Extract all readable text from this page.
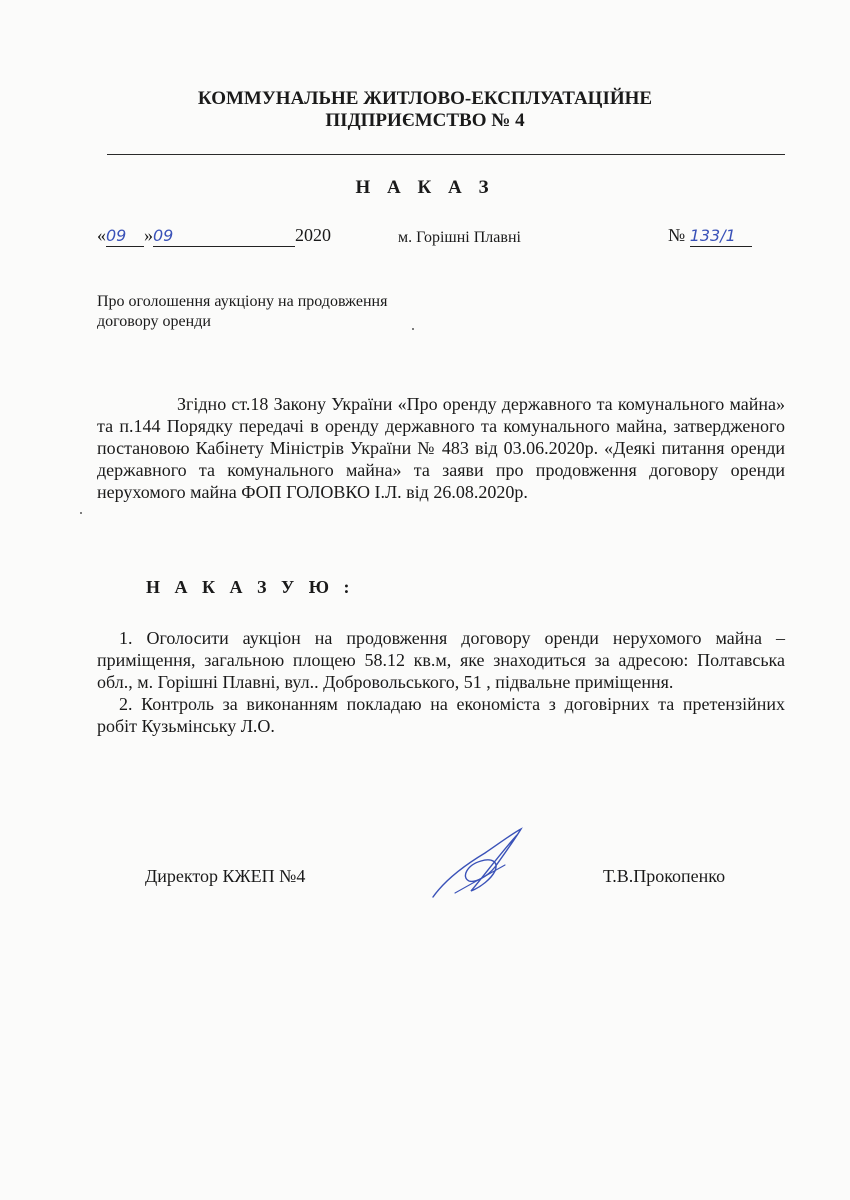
КОММУНАЛЬНЕ ЖИТЛОВО-ЕКСПЛУАТАЦІЙНЕ
ПІДПРИЄМСТВО № 4
Н А К А З
«09 »09	2020	м. Горішні Плавні	№ 133/1
Про оголошення аукціону на продовження
договору оренди

Згідно ст.18 Закону України «Про оренду державного та комунального майна» та п.144 Порядку передачі в оренду державного та комунального майна, затвердженого постановою Кабінету Міністрів України № 483 від 03.06.2020р. «Деякі питання оренди державного та комунального майна» та заяви про продовження договору оренди нерухомого майна ФОП ГОЛОВКО І.Л. від 26.08.2020р.

Н А К А З У Ю :

1. Оголосити аукціон на продовження договору оренди нерухомого майна – приміщення, загальною площею 58.12 кв.м, яке знаходиться за адресою: Полтавська обл., м. Горішні Плавні, вул.. Добровольського, 51 , підвальне приміщення.

2. Контроль за виконанням покладаю на економіста з договірних та претензійних робіт Кузьмінську Л.О.

Директор КЖЕП №4	Т.В.Прокопенко
